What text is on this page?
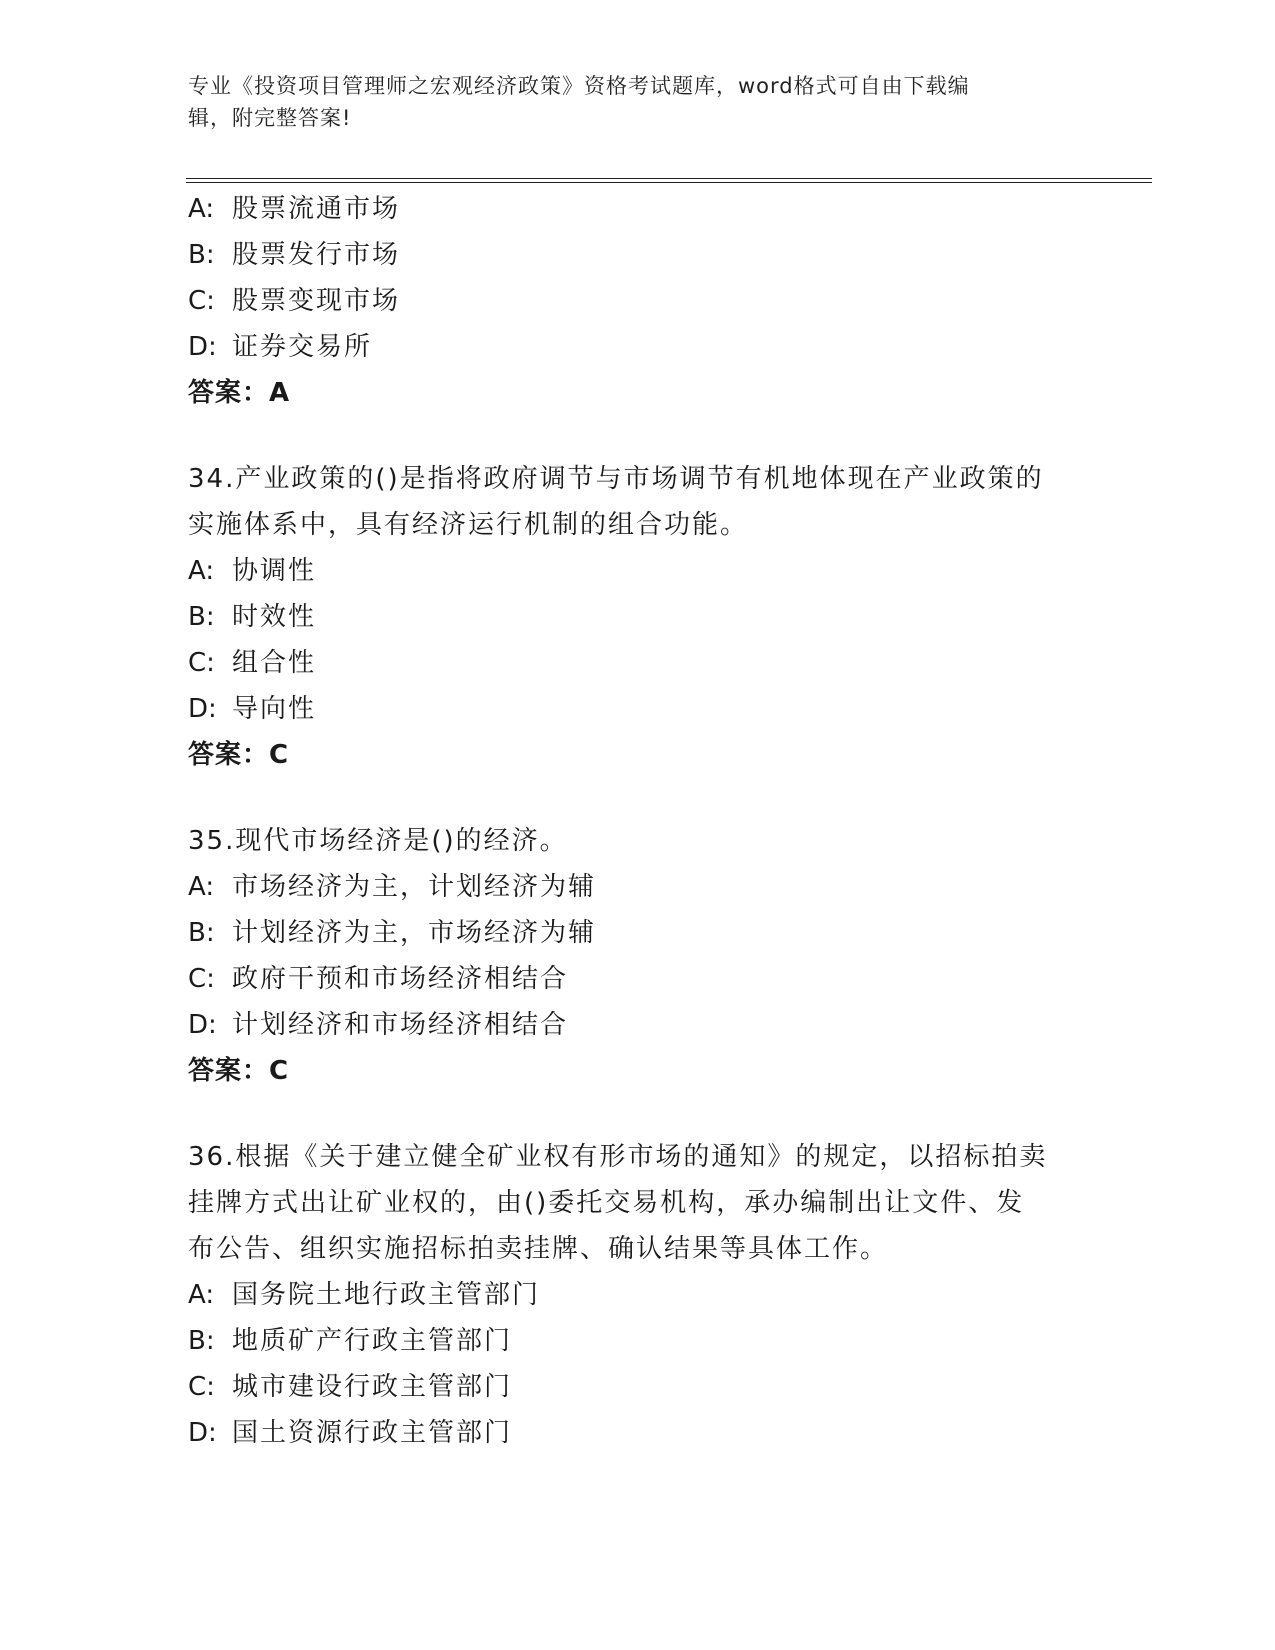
专业《投资项目管理师之宏观经济政策》资格考试题库，word格式可自由下载编
辑，附完整答案!
A: 股票流通市场
B: 股票发行市场
C: 股票变现市场
D: 证券交易所
答案：A
34.产业政策的()是指将政府调节与市场调节有机地体现在产业政策的
实施体系中，具有经济运行机制的组合功能。
A: 协调性
B: 时效性
C: 组合性
D: 导向性
答案：C
35.现代市场经济是()的经济。
A: 市场经济为主，计划经济为辅
B: 计划经济为主，市场经济为辅
C: 政府干预和市场经济相结合
D: 计划经济和市场经济相结合
答案：C
36.根据《关于建立健全矿业权有形市场的通知》的规定，以招标拍卖
挂牌方式出让矿业权的，由()委托交易机构，承办编制出让文件、发
布公告、组织实施招标拍卖挂牌、确认结果等具体工作。
A: 国务院土地行政主管部门
B: 地质矿产行政主管部门
C: 城市建设行政主管部门
D: 国土资源行政主管部门
